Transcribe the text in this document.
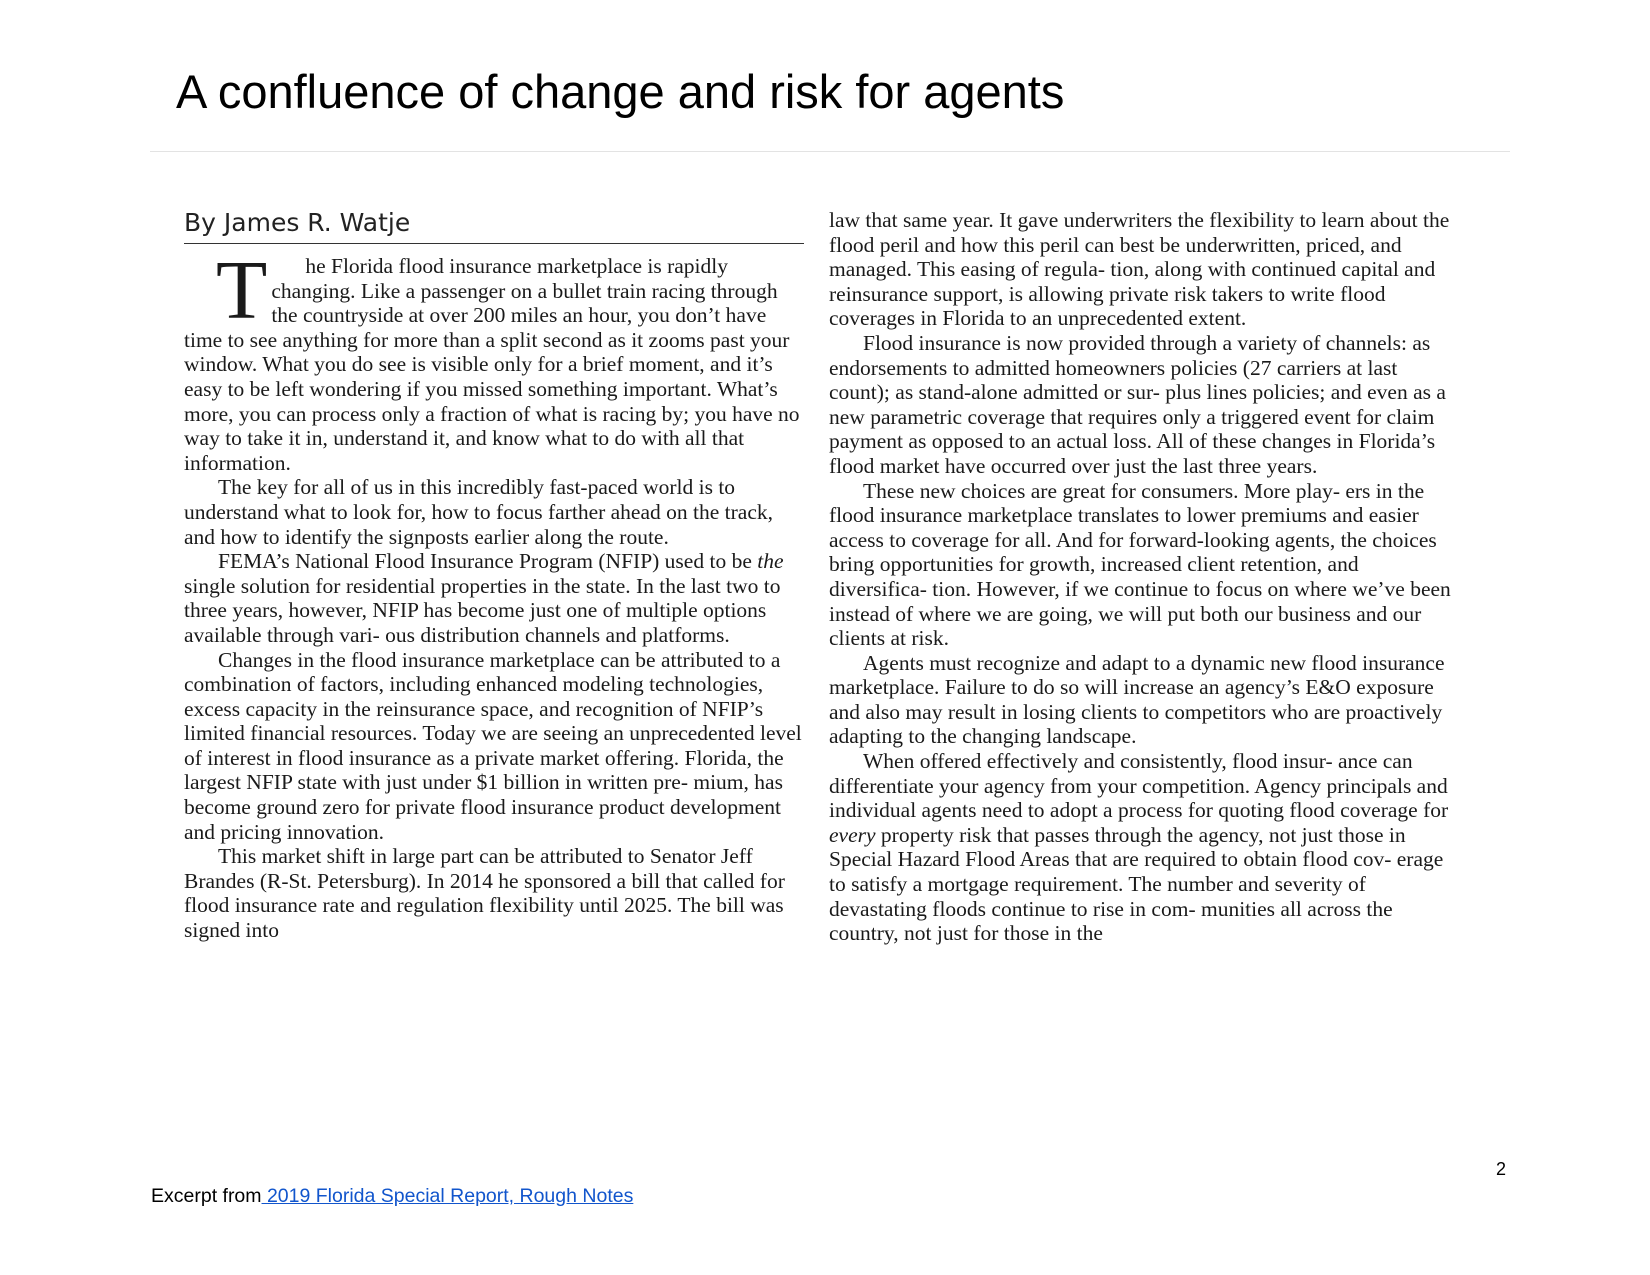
A confluence of change and risk for agents
By James R. Watje

T he Florida flood insurance marketplace is rapidly changing. Like a passenger on a bullet train racing through the countryside at over 200 miles an hour, you don’t have time to see anything for more than a split second as it zooms past your window. What you do see is visible only for a brief moment, and it’s easy to be left wondering if you missed something important. What’s more, you can process only a fraction of what is racing by; you have no way to take it in, understand it, and know what to do with all that information.

The key for all of us in this incredibly fast-paced world is to understand what to look for, how to focus farther ahead on the track, and how to identify the signposts earlier along the route.

FEMA’s National Flood Insurance Program (NFIP) used to be the single solution for residential properties in the state. In the last two to three years, however, NFIP has become just one of multiple options available through vari- ous distribution channels and platforms.

Changes in the flood insurance marketplace can be attributed to a combination of factors, including enhanced modeling technologies, excess capacity in the reinsurance space, and recognition of NFIP’s limited financial resources. Today we are seeing an unprecedented level of interest in flood insurance as a private market offering. Florida, the largest NFIP state with just under $1 billion in written pre- mium, has become ground zero for private flood insurance product development and pricing innovation.

This market shift in large part can be attributed to Senator Jeff Brandes (R-St. Petersburg). In 2014 he sponsored a bill that called for flood insurance rate and regulation flexibility until 2025. The bill was signed into

law that same year. It gave underwriters the flexibility to learn about the flood peril and how this peril can best be underwritten, priced, and managed. This easing of regula- tion, along with continued capital and reinsurance support, is allowing private risk takers to write flood coverages in Florida to an unprecedented extent.

Flood insurance is now provided through a variety of channels: as endorsements to admitted homeowners policies (27 carriers at last count); as stand-alone admitted or sur- plus lines policies; and even as a new parametric coverage that requires only a triggered event for claim payment as opposed to an actual loss. All of these changes in Florida’s flood market have occurred over just the last three years.

These new choices are great for consumers. More play- ers in the flood insurance marketplace translates to lower premiums and easier access to coverage for all. And for forward-looking agents, the choices bring opportunities for growth, increased client retention, and diversifica- tion. However, if we continue to focus on where we’ve been instead of where we are going, we will put both our business and our clients at risk.

Agents must recognize and adapt to a dynamic new flood insurance marketplace. Failure to do so will increase an agency’s E&O exposure and also may result in losing clients to competitors who are proactively adapting to the changing landscape.

When offered effectively and consistently, flood insur- ance can differentiate your agency from your competition. Agency principals and individual agents need to adopt a process for quoting flood coverage for every property risk that passes through the agency, not just those in Special Hazard Flood Areas that are required to obtain flood cov- erage to satisfy a mortgage requirement. The number and severity of devastating floods continue to rise in com- munities all across the country, not just for those in the

2
Excerpt from 2019 Florida Special Report, Rough Notes
